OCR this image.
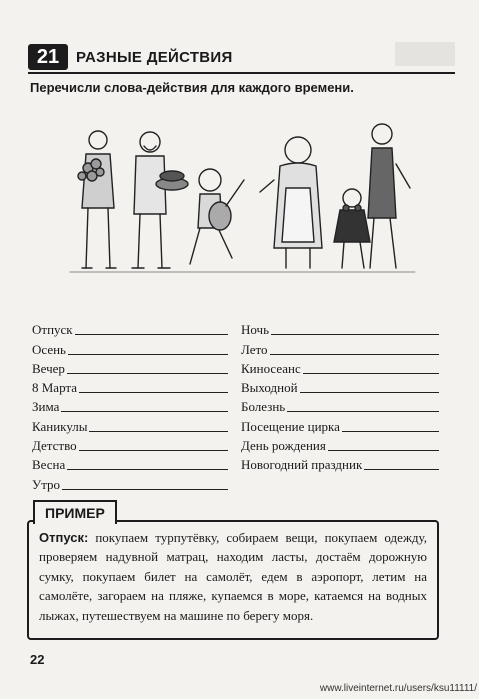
21	РАЗНЫЕ ДЕЙСТВИЯ
Перечисли слова-действия для каждого времени.
Отпуск
Осень
Вечер
8 Марта
Зима
Каникулы
Детство
Весна
Утро
Ночь
Лето
Киносеанс
Выходной
Болезнь
Посещение цирка
День рождения
Новогодний праздник
ПРИМЕР
Отпуск: покупаем турпутёвку, собираем вещи, покупаем одежду, проверяем надувной матрац, находим ласты, достаём дорожную сумку, покупаем билет на самолёт, едем в аэропорт, летим на самолёте, загораем на пляже, купаемся в море, катаемся на водных лыжах, путешествуем на машине по берегу моря.
22
www.liveinternet.ru/users/ksu11111/
